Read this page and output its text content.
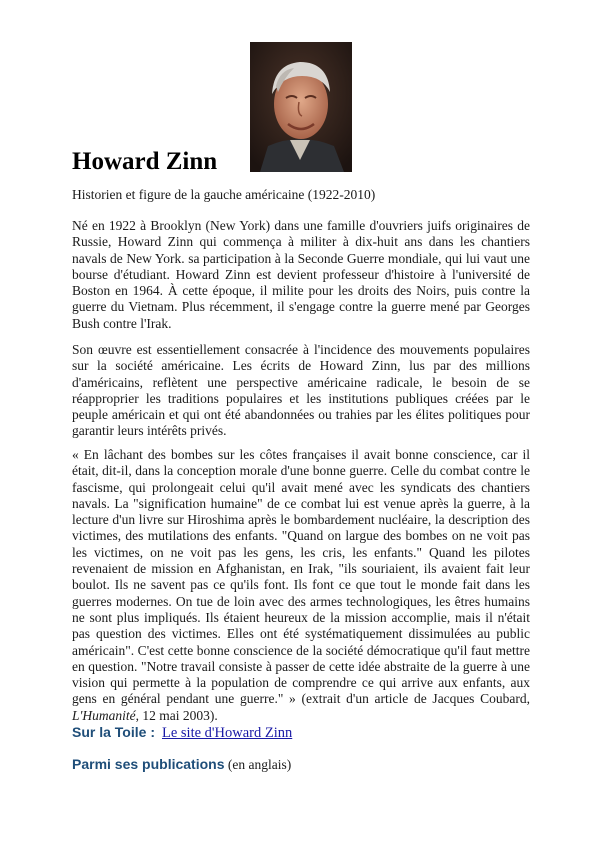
Howard Zinn

Historien et figure de la gauche américaine (1922-2010)

Né en 1922 à Brooklyn (New York) dans une famille d'ouvriers juifs originaires de Russie, Howard Zinn qui commença à militer à dix-huit ans dans les chantiers navals de New York. sa participation à la Seconde Guerre mondiale, qui lui vaut une bourse d'étudiant. Howard Zinn est devient professeur d'histoire à l'université de Boston en 1964. À cette époque, il milite pour les droits des Noirs, puis contre la guerre du Vietnam. Plus récemment, il s'engage contre la guerre mené par Georges Bush contre l'Irak.

Son œuvre est essentiellement consacrée à l'incidence des mouvements populaires sur la société américaine. Les écrits de Howard Zinn, lus par des millions d'américains, reflètent une perspective américaine radicale, le besoin de se réapproprier les traditions populaires et les institutions publiques créées par le peuple américain et qui ont été abandonnées ou trahies par les élites politiques pour garantir leurs intérêts privés.

« En lâchant des bombes sur les côtes françaises il avait bonne conscience, car il était, dit-il, dans la conception morale d'une bonne guerre. Celle du combat contre le fascisme, qui prolongeait celui qu'il avait mené avec les syndicats des chantiers navals. La "signification humaine" de ce combat lui est venue après la guerre, à la lecture d'un livre sur Hiroshima après le bombardement nucléaire, la description des victimes, des mutilations des enfants. "Quand on largue des bombes on ne voit pas les victimes, on ne voit pas les gens, les cris, les enfants." Quand les pilotes revenaient de mission en Afghanistan, en Irak, "ils souriaient, ils avaient fait leur boulot. Ils ne savent pas ce qu'ils font. Ils font ce que tout le monde fait dans les guerres modernes. On tue de loin avec des armes technologiques, les êtres humains ne sont plus impliqués. Ils étaient heureux de la mission accomplie, mais il n'était pas question des victimes. Elles ont été systématiquement dissimulées au public américain". C'est cette bonne conscience de la société démocratique qu'il faut mettre en question. "Notre travail consiste à passer de cette idée abstraite de la guerre à une vision qui permette à la population de comprendre ce qui arrive aux enfants, aux gens en général pendant une guerre." » (extrait d'un article de Jacques Coubard, L'Humanité, 12 mai 2003).

Sur la Toile : Le site d'Howard Zinn

Parmi ses publications (en anglais)
